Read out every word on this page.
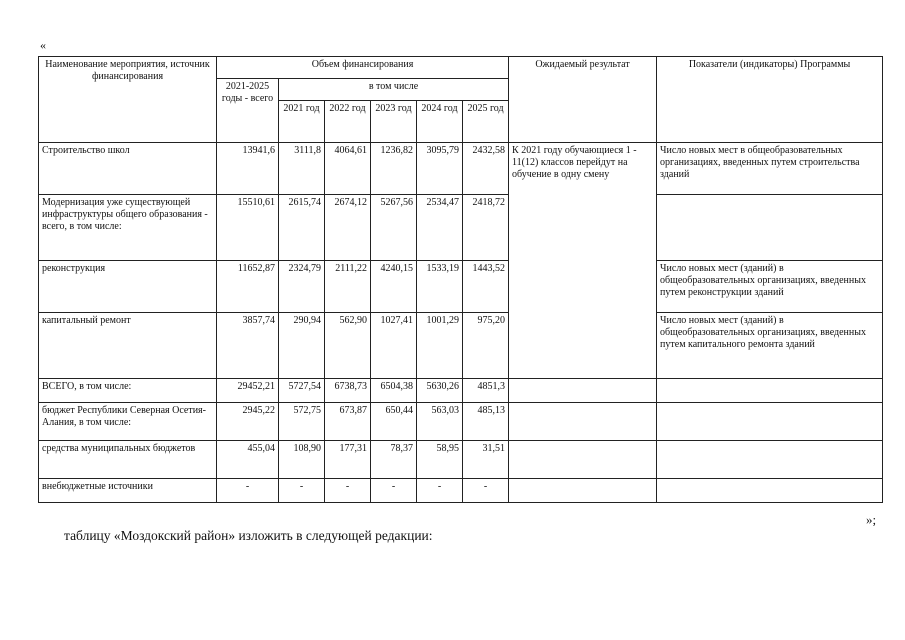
«
Наименование мероприятия, источник финансирования	Объем финансирования						Ожидаемый результат	Показатели (индикаторы) Программы
	2021-2025 годы - всего	в том числе						
		2021 год	2022 год	2023 год	2024 год	2025 год		
Строительство школ	13941,6	3111,8	4064,61	1236,82	3095,79	2432,58	К 2021 году обучающиеся 1 - 11(12) классов перейдут на обучение в одну смену	Число новых мест в общеобразовательных организациях, введенных путем строительства зданий
Модернизация уже существующей инфраструктуры общего образования - всего, в том числе:	15510,61	2615,74	2674,12	5267,56	2534,47	2418,72		
реконструкция	11652,87	2324,79	2111,22	4240,15	1533,19	1443,52		Число новых мест (зданий) в общеобразовательных организациях, введенных путем реконструкции зданий
капитальный ремонт	3857,74	290,94	562,90	1027,41	1001,29	975,20		Число новых мест (зданий) в общеобразовательных организациях, введенных путем капитального ремонта зданий
ВСЕГО, в том числе:	29452,21	5727,54	6738,73	6504,38	5630,26	4851,3		
бюджет Республики Северная Осетия-Алания, в том числе:	2945,22	572,75	673,87	650,44	563,03	485,13		
средства муниципальных бюджетов	455,04	108,90	177,31	78,37	58,95	31,51		
внебюджетные источники	-	-	-	-	-	-		
»;
таблицу «Моздокский район» изложить в следующей редакции:
